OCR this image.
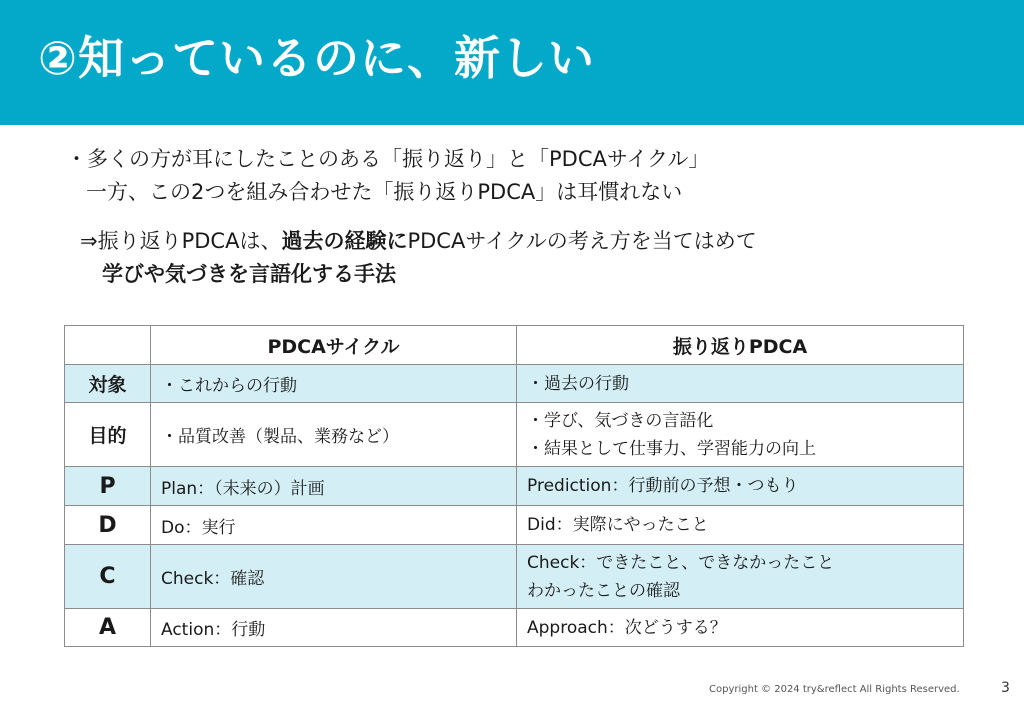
②知っているのに、新しい
・多くの方が耳にしたことのある「振り返り」と「PDCAサイクル」
一方、この2つを組み合わせた「振り返りPDCA」は耳慣れない
⇒振り返りPDCAは、過去の経験にPDCAサイクルの考え方を当てはめて
学びや気づきを言語化する手法
	PDCAサイクル	振り返りPDCA
対象	・これからの行動	・過去の行動

目的	・品質改善（製品、業務など）	・学び、気づきの言語化
・結果として仕事力、学習能力の向上

P	Plan：（未来の）計画	Prediction：行動前の予想・つもり

D	Do：実行	Did：実際にやったこと

C	Check：確認	Check：できたこと、できなかったこと
わかったことの確認

A	Action：行動	Approach：次どうする？
Copyright © 2024 try&reflect All Rights Reserved.	3
